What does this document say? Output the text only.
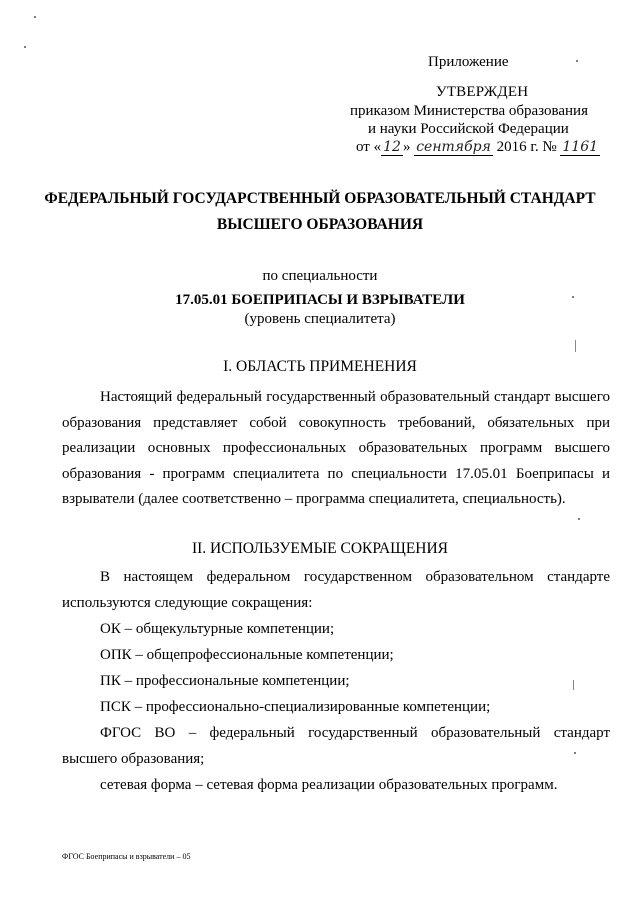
Приложение
УТВЕРЖДЕН
приказом Министерства образования
и науки Российской Федерации
от « 12 » сентября 2016 г. № 1161
ФЕДЕРАЛЬНЫЙ ГОСУДАРСТВЕННЫЙ ОБРАЗОВАТЕЛЬНЫЙ СТАНДАРТ
ВЫСШЕГО ОБРАЗОВАНИЯ
по специальности
17.05.01 БОЕПРИПАСЫ И ВЗРЫВАТЕЛИ
(уровень специалитета)
I. ОБЛАСТЬ ПРИМЕНЕНИЯ
Настоящий федеральный государственный образовательный стандарт высшего образования представляет собой совокупность требований, обязательных при реализации основных профессиональных образовательных программ высшего образования - программ специалитета по специальности 17.05.01 Боеприпасы и взрыватели (далее соответственно – программа специалитета, специальность).
II. ИСПОЛЬЗУЕМЫЕ СОКРАЩЕНИЯ
В настоящем федеральном государственном образовательном стандарте используются следующие сокращения:
ОК – общекультурные компетенции;
ОПК – общепрофессиональные компетенции;
ПК – профессиональные компетенции;
ПСК – профессионально-специализированные компетенции;
ФГОС ВО – федеральный государственный образовательный стандарт высшего образования;
сетевая форма – сетевая форма реализации образовательных программ.
ФГОС Боеприпасы и взрыватели – 05
